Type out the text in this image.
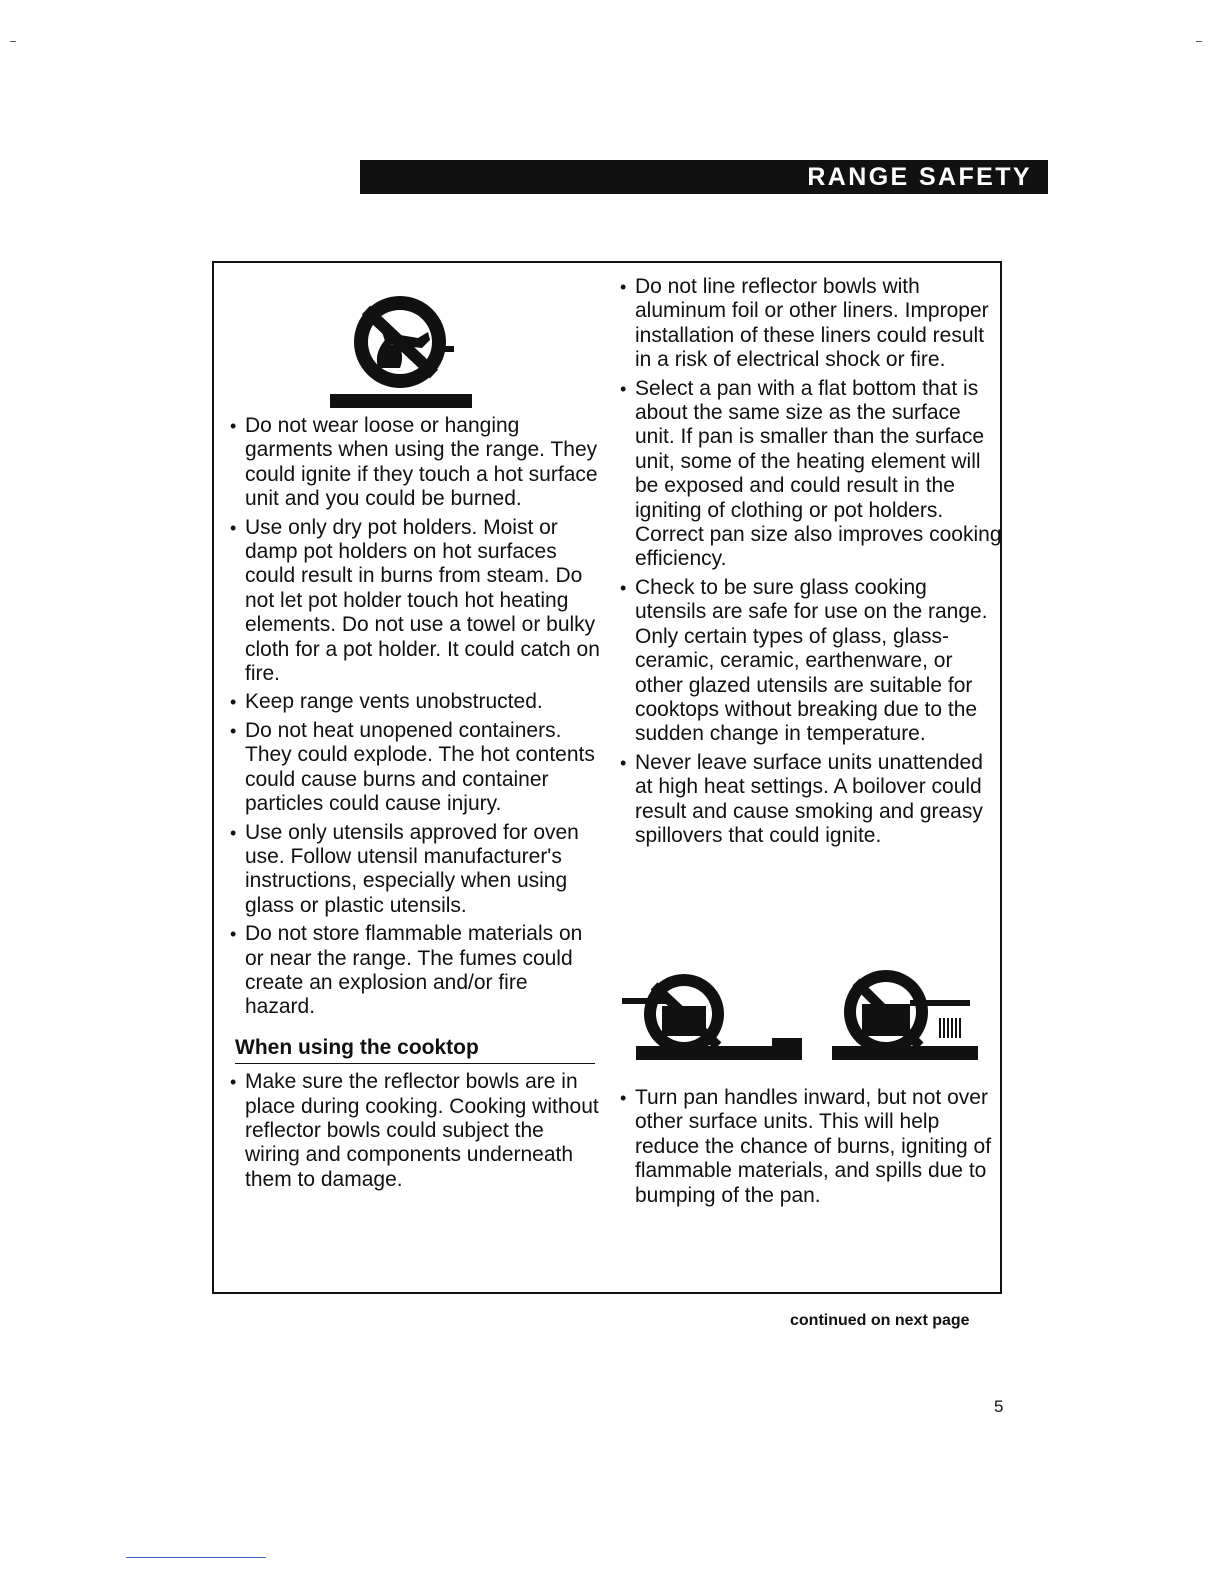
RANGE SAFETY
• Do not wear loose or hanging garments when using the range. They could ignite if they touch a hot surface unit and you could be burned.
• Use only dry pot holders. Moist or damp pot holders on hot surfaces could result in burns from steam. Do not let pot holder touch hot heating elements. Do not use a towel or bulky cloth for a pot holder. It could catch on fire.
• Keep range vents unobstructed.
• Do not heat unopened containers. They could explode. The hot contents could cause burns and container particles could cause injury.
• Use only utensils approved for oven use. Follow utensil manufacturer's instructions, especially when using glass or plastic utensils.
• Do not store flammable materials on or near the range. The fumes could create an explosion and/or fire hazard.
When using the cooktop
• Make sure the reflector bowls are in place during cooking. Cooking without reflector bowls could subject the wiring and components underneath them to damage.
• Do not line reflector bowls with aluminum foil or other liners. Improper installation of these liners could result in a risk of electrical shock or fire.
• Select a pan with a flat bottom that is about the same size as the surface unit. If pan is smaller than the surface unit, some of the heating element will be exposed and could result in the igniting of clothing or pot holders. Correct pan size also improves cooking efficiency.
• Check to be sure glass cooking utensils are safe for use on the range. Only certain types of glass, glass-ceramic, ceramic, earthenware, or other glazed utensils are suitable for cooktops without breaking due to the sudden change in temperature.
• Never leave surface units unattended at high heat settings. A boilover could result and cause smoking and greasy spillovers that could ignite.
• Turn pan handles inward, but not over other surface units. This will help reduce the chance of burns, igniting of flammable materials, and spills due to bumping of the pan.
continued on next page
5
